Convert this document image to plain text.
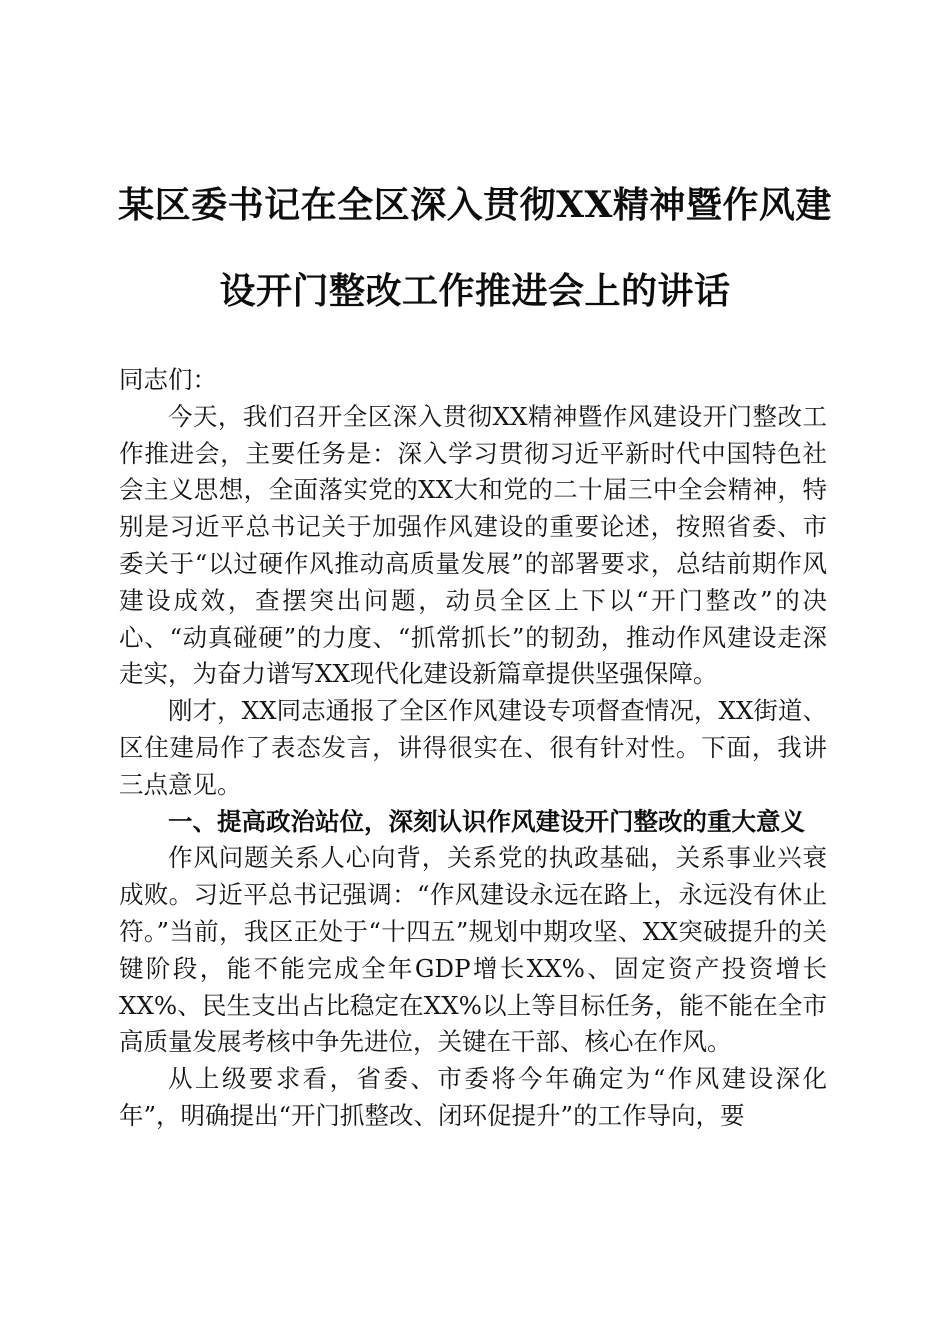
某区委书记在全区深入贯彻XX精神暨作风建
设开门整改工作推进会上的讲话

同志们：

今天，我们召开全区深入贯彻XX精神暨作风建设开门整改工作推进会，主要任务是：深入学习贯彻习近平新时代中国特色社会主义思想，全面落实党的XX大和党的二十届三中全会精神，特别是习近平总书记关于加强作风建设的重要论述，按照省委、市委关于“以过硬作风推动高质量发展”的部署要求，总结前期作风建设成效，查摆突出问题，动员全区上下以“开门整改”的决心、“动真碰硬”的力度、“抓常抓长”的韧劲，推动作风建设走深走实，为奋力谱写XX现代化建设新篇章提供坚强保障。

刚才，XX同志通报了全区作风建设专项督查情况，XX街道、区住建局作了表态发言，讲得很实在、很有针对性。下面，我讲三点意见。

一、提高政治站位，深刻认识作风建设开门整改的重大意义

作风问题关系人心向背，关系党的执政基础，关系事业兴衰成败。习近平总书记强调：“作风建设永远在路上，永远没有休止符。”当前，我区正处于“十四五”规划中期攻坚、XX突破提升的关键阶段，能不能完成全年GDP增长XX%、固定资产投资增长XX%、民生支出占比稳定在XX%以上等目标任务，能不能在全市高质量发展考核中争先进位，关键在干部、核心在作风。

从上级要求看，省委、市委将今年确定为“作风建设深化年”，明确提出“开门抓整改、闭环促提升”的工作导向，要
